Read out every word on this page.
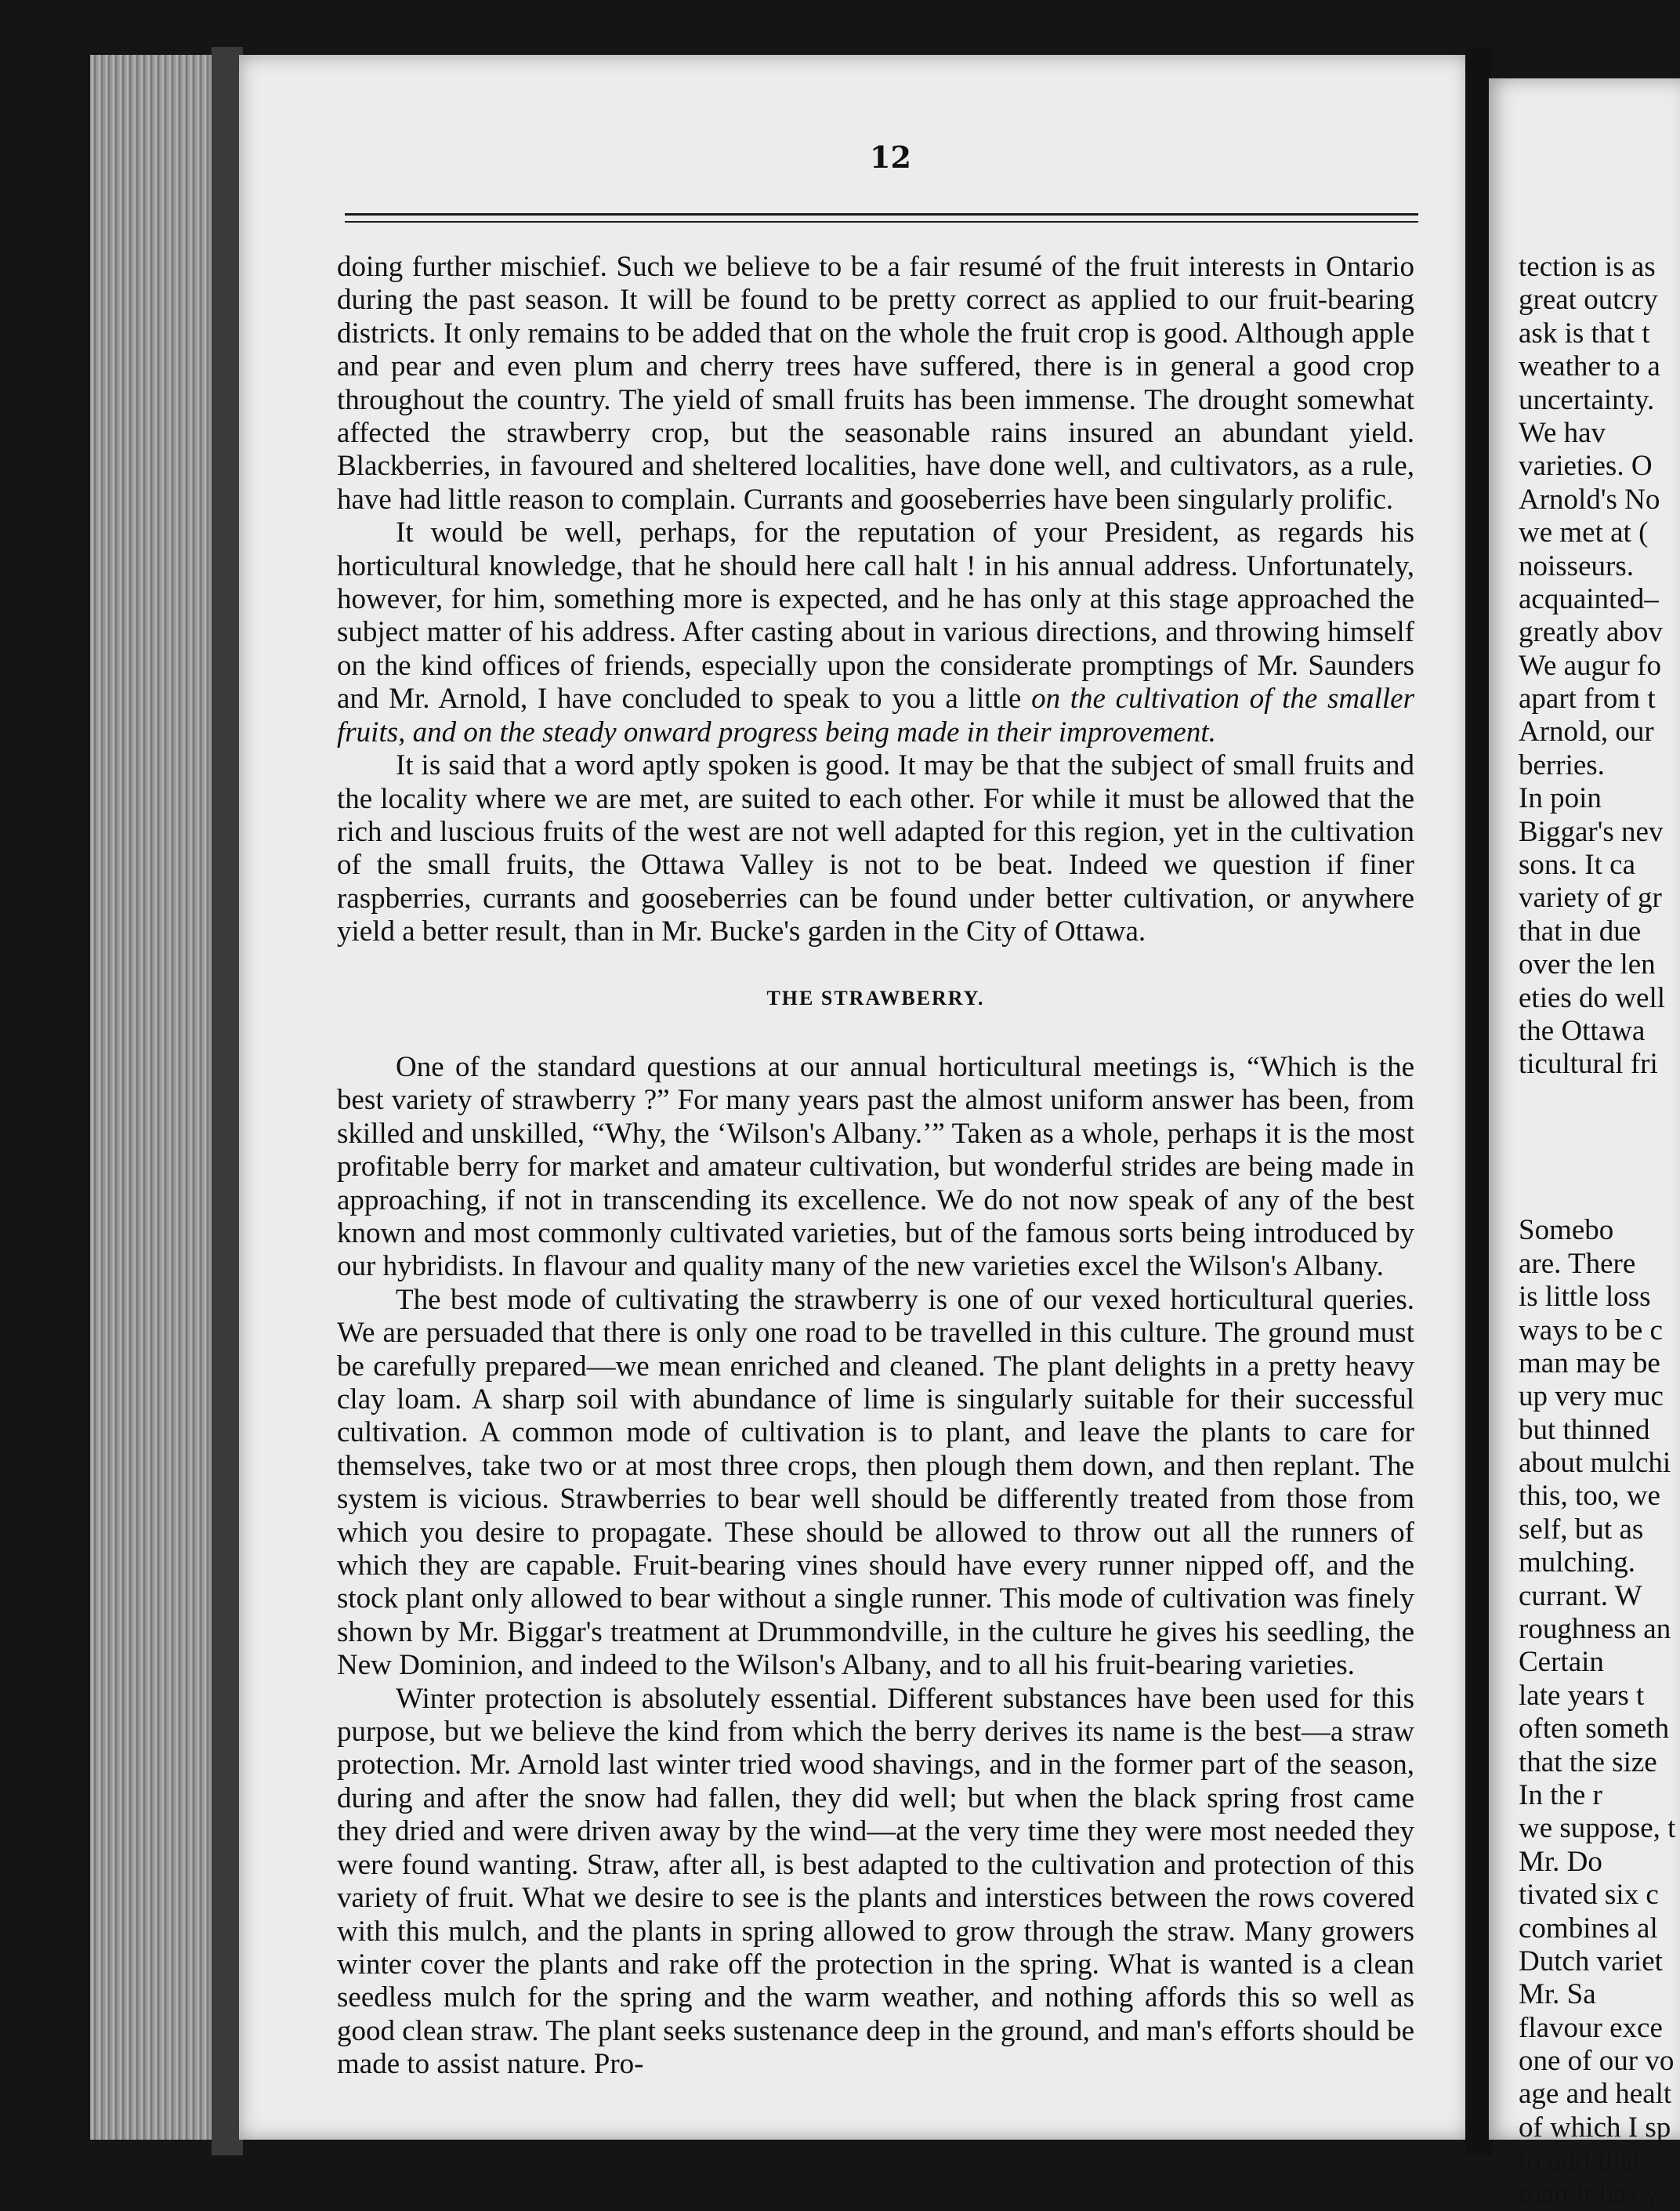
12

doing further mischief. Such we believe to be a fair resumé of the fruit interests in Ontario during the past season. It will be found to be pretty correct as applied to our fruit-bearing districts. It only remains to be added that on the whole the fruit crop is good. Although apple and pear and even plum and cherry trees have suffered, there is in general a good crop throughout the country. The yield of small fruits has been immense. The drought somewhat affected the strawberry crop, but the seasonable rains insured an abundant yield. Blackberries, in favoured and sheltered localities, have done well, and cultivators, as a rule, have had little reason to complain. Currants and gooseberries have been singularly prolific.

It would be well, perhaps, for the reputation of your President, as regards his horticultural knowledge, that he should here call halt ! in his annual address. Unfortunately, however, for him, something more is expected, and he has only at this stage approached the subject matter of his address. After casting about in various directions, and throwing himself on the kind offices of friends, especially upon the considerate promptings of Mr. Saunders and Mr. Arnold, I have concluded to speak to you a little on the cultivation of the smaller fruits, and on the steady onward progress being made in their improvement.

It is said that a word aptly spoken is good. It may be that the subject of small fruits and the locality where we are met, are suited to each other. For while it must be allowed that the rich and luscious fruits of the west are not well adapted for this region, yet in the cultivation of the small fruits, the Ottawa Valley is not to be beat. Indeed we question if finer raspberries, currants and gooseberries can be found under better cultivation, or anywhere yield a better result, than in Mr. Bucke's garden in the City of Ottawa.

THE STRAWBERRY.

One of the standard questions at our annual horticultural meetings is, “Which is the best variety of strawberry ?” For many years past the almost uniform answer has been, from skilled and unskilled, “Why, the ‘Wilson's Albany.’” Taken as a whole, perhaps it is the most profitable berry for market and amateur cultivation, but wonderful strides are being made in approaching, if not in transcending its excellence. We do not now speak of any of the best known and most commonly cultivated varieties, but of the famous sorts being introduced by our hybridists. In flavour and quality many of the new varieties excel the Wilson's Albany.

The best mode of cultivating the strawberry is one of our vexed horticultural queries. We are persuaded that there is only one road to be travelled in this culture. The ground must be carefully prepared—we mean enriched and cleaned. The plant delights in a pretty heavy clay loam. A sharp soil with abundance of lime is singularly suitable for their successful cultivation. A common mode of cultivation is to plant, and leave the plants to care for themselves, take two or at most three crops, then plough them down, and then replant. The system is vicious. Strawberries to bear well should be differently treated from those from which you desire to propagate. These should be allowed to throw out all the runners of which they are capable. Fruit-bearing vines should have every runner nipped off, and the stock plant only allowed to bear without a single runner. This mode of cultivation was finely shown by Mr. Biggar's treatment at Drummondville, in the culture he gives his seedling, the New Dominion, and indeed to the Wilson's Albany, and to all his fruit-bearing varieties.

Winter protection is absolutely essential. Different substances have been used for this purpose, but we believe the kind from which the berry derives its name is the best—a straw protection. Mr. Arnold last winter tried wood shavings, and in the former part of the season, during and after the snow had fallen, they did well; but when the black spring frost came they dried and were driven away by the wind—at the very time they were most needed they were found wanting. Straw, after all, is best adapted to the cultivation and protection of this variety of fruit. What we desire to see is the plants and interstices between the rows covered with this mulch, and the plants in spring allowed to grow through the straw. Many growers winter cover the plants and rake off the protection in the spring. What is wanted is a clean seedless mulch for the spring and the warm weather, and nothing affords this so well as good clean straw. The plant seeks sustenance deep in the ground, and man's efforts should be made to assist nature. Pro-

tection is as
great outcry
ask is that t
weather to a
uncertainty.
We hav
varieties. O
Arnold's No
we met at (
noisseurs.
acquainted–
greatly abov
We augur fo
apart from t
Arnold, our
berries.
In poin
Biggar's nev
sons. It ca
variety of gr
that in due
over the len
eties do well
the Ottawa
ticultural fri
Somebo
are. There
is little loss
ways to be c
man may be
up very muc
but thinned
about mulchi
this, too, we
self, but as
mulching.
currant. W
roughness an
Certain
late years t
often someth
that the size
In the r
we suppose, t
Mr. Do
tivated six c
combines al
Dutch variet
Mr. Sa
flavour exce
one of our vo
age and healt
of which I sp
to add that
than it has y
